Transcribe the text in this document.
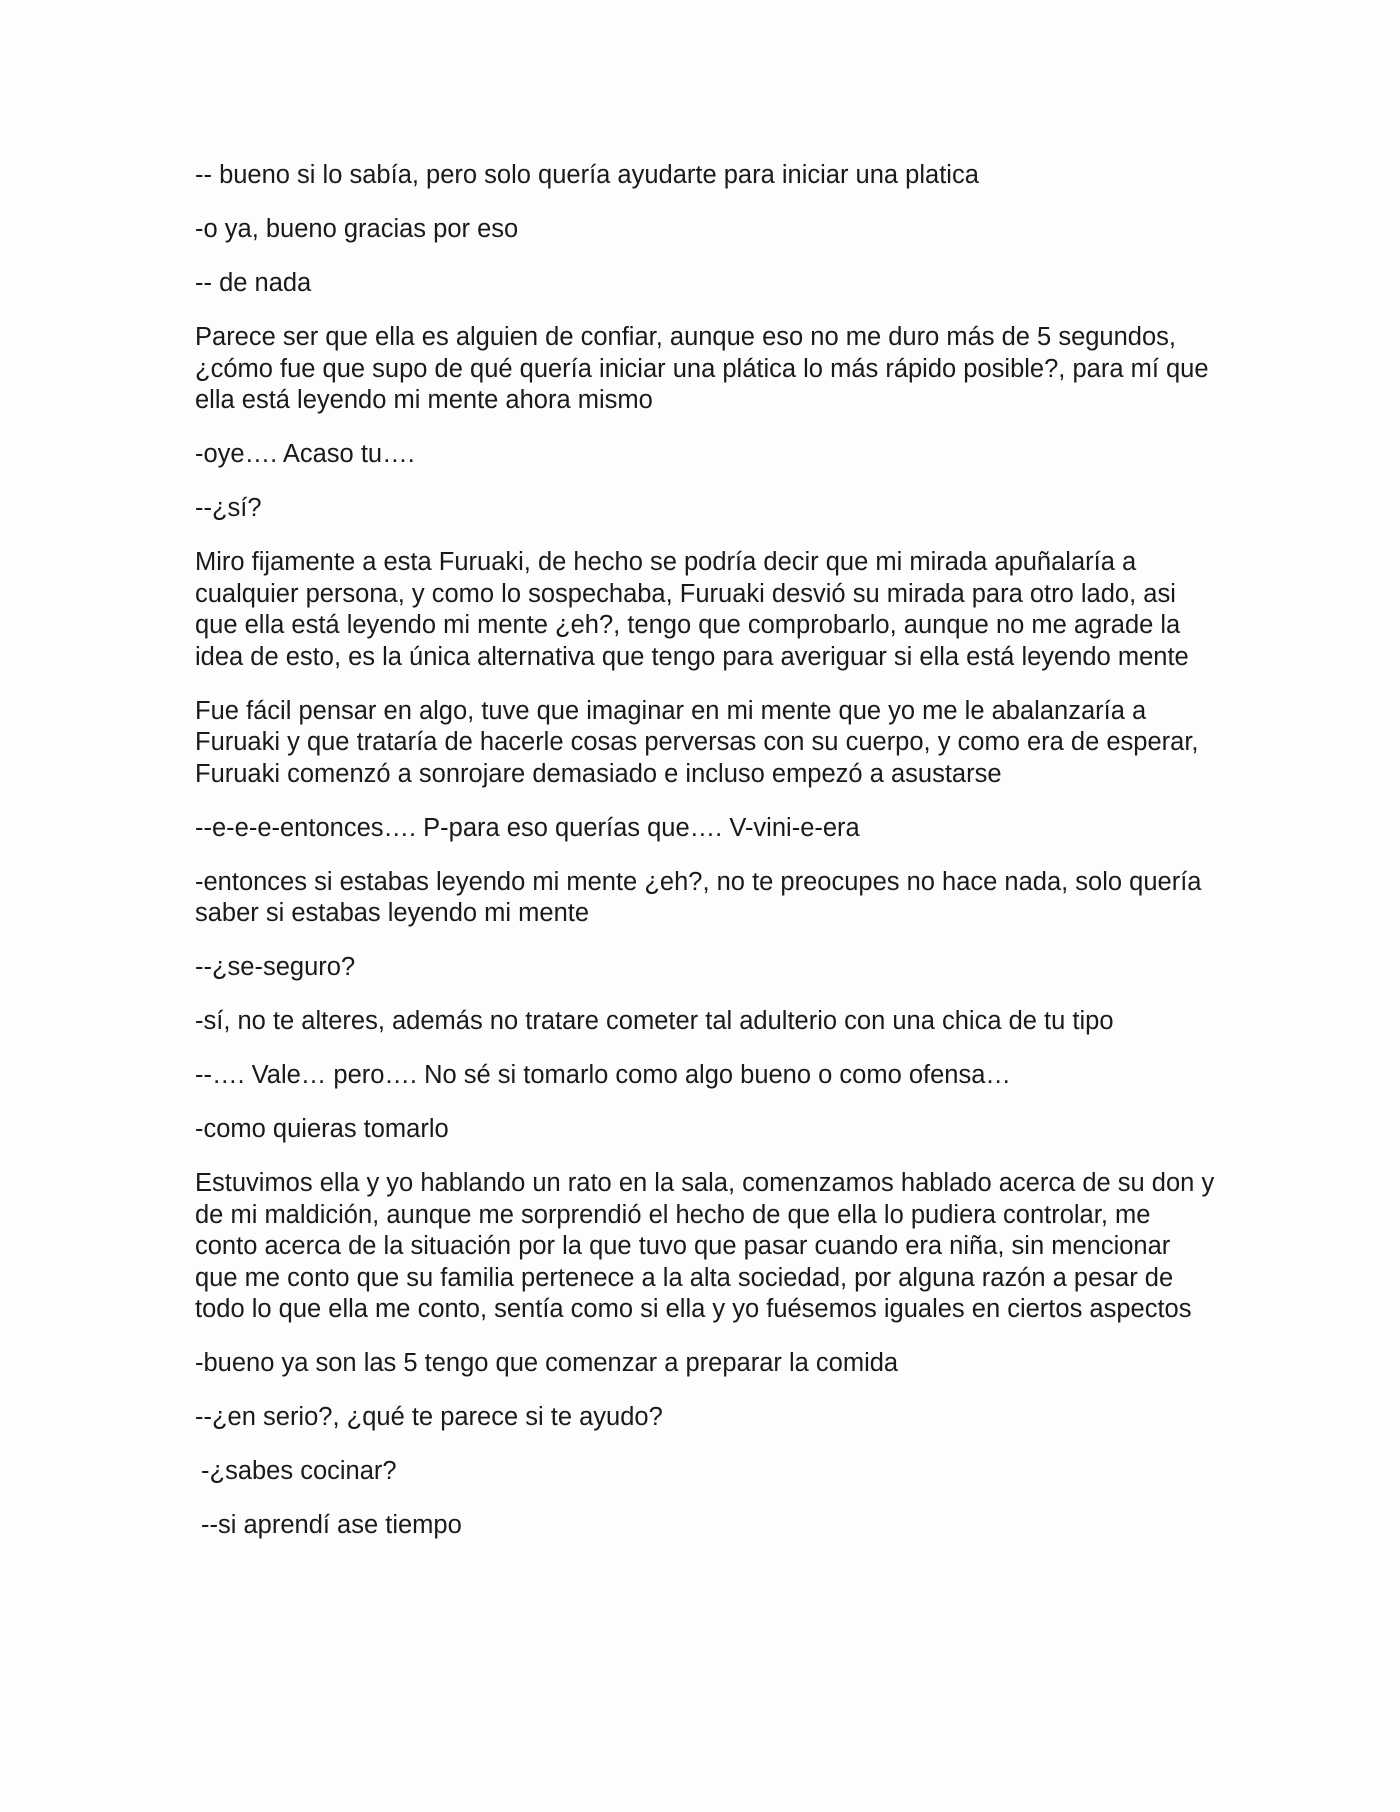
-- bueno si lo sabía, pero solo quería ayudarte para iniciar una platica

-o ya, bueno gracias por eso

-- de nada

Parece ser que ella es alguien de confiar, aunque eso no me duro más de 5 segundos, ¿cómo fue que supo de qué quería iniciar una plática lo más rápido posible?, para mí que ella está leyendo mi mente ahora mismo

-oye…. Acaso tu….

--¿sí?

Miro fijamente a esta Furuaki, de hecho se podría decir que mi mirada apuñalaría a cualquier persona, y como lo sospechaba, Furuaki desvió su mirada para otro lado, asi que ella está leyendo mi mente ¿eh?, tengo que comprobarlo, aunque no me agrade la idea de esto, es la única alternativa que tengo para averiguar si ella está leyendo mente

Fue fácil pensar en algo, tuve que imaginar en mi mente que yo me le abalanzaría a Furuaki y que trataría de hacerle cosas perversas con su cuerpo, y como era de esperar, Furuaki comenzó a sonrojare demasiado e incluso empezó a asustarse

--e-e-e-entonces…. P-para eso querías que…. V-vini-e-era

-entonces si estabas leyendo mi mente ¿eh?, no te preocupes no hace nada, solo quería saber si estabas leyendo mi mente

--¿se-seguro?

-sí, no te alteres, además no tratare cometer tal adulterio con una chica de tu tipo

--…. Vale… pero…. No sé si tomarlo como algo bueno o como ofensa…

-como quieras tomarlo

Estuvimos ella y yo hablando un rato en la sala, comenzamos hablado acerca de su don y de mi maldición, aunque me sorprendió el hecho de que ella lo pudiera controlar, me conto acerca de la situación por la que tuvo que pasar cuando era niña, sin mencionar que me conto que su familia pertenece a la alta sociedad, por alguna razón a pesar de todo lo que ella me conto, sentía como si ella y yo fuésemos iguales en ciertos aspectos

-bueno ya son las 5 tengo que comenzar a preparar la comida

--¿en serio?, ¿qué te parece si te ayudo?

-¿sabes cocinar?

--si aprendí ase tiempo
